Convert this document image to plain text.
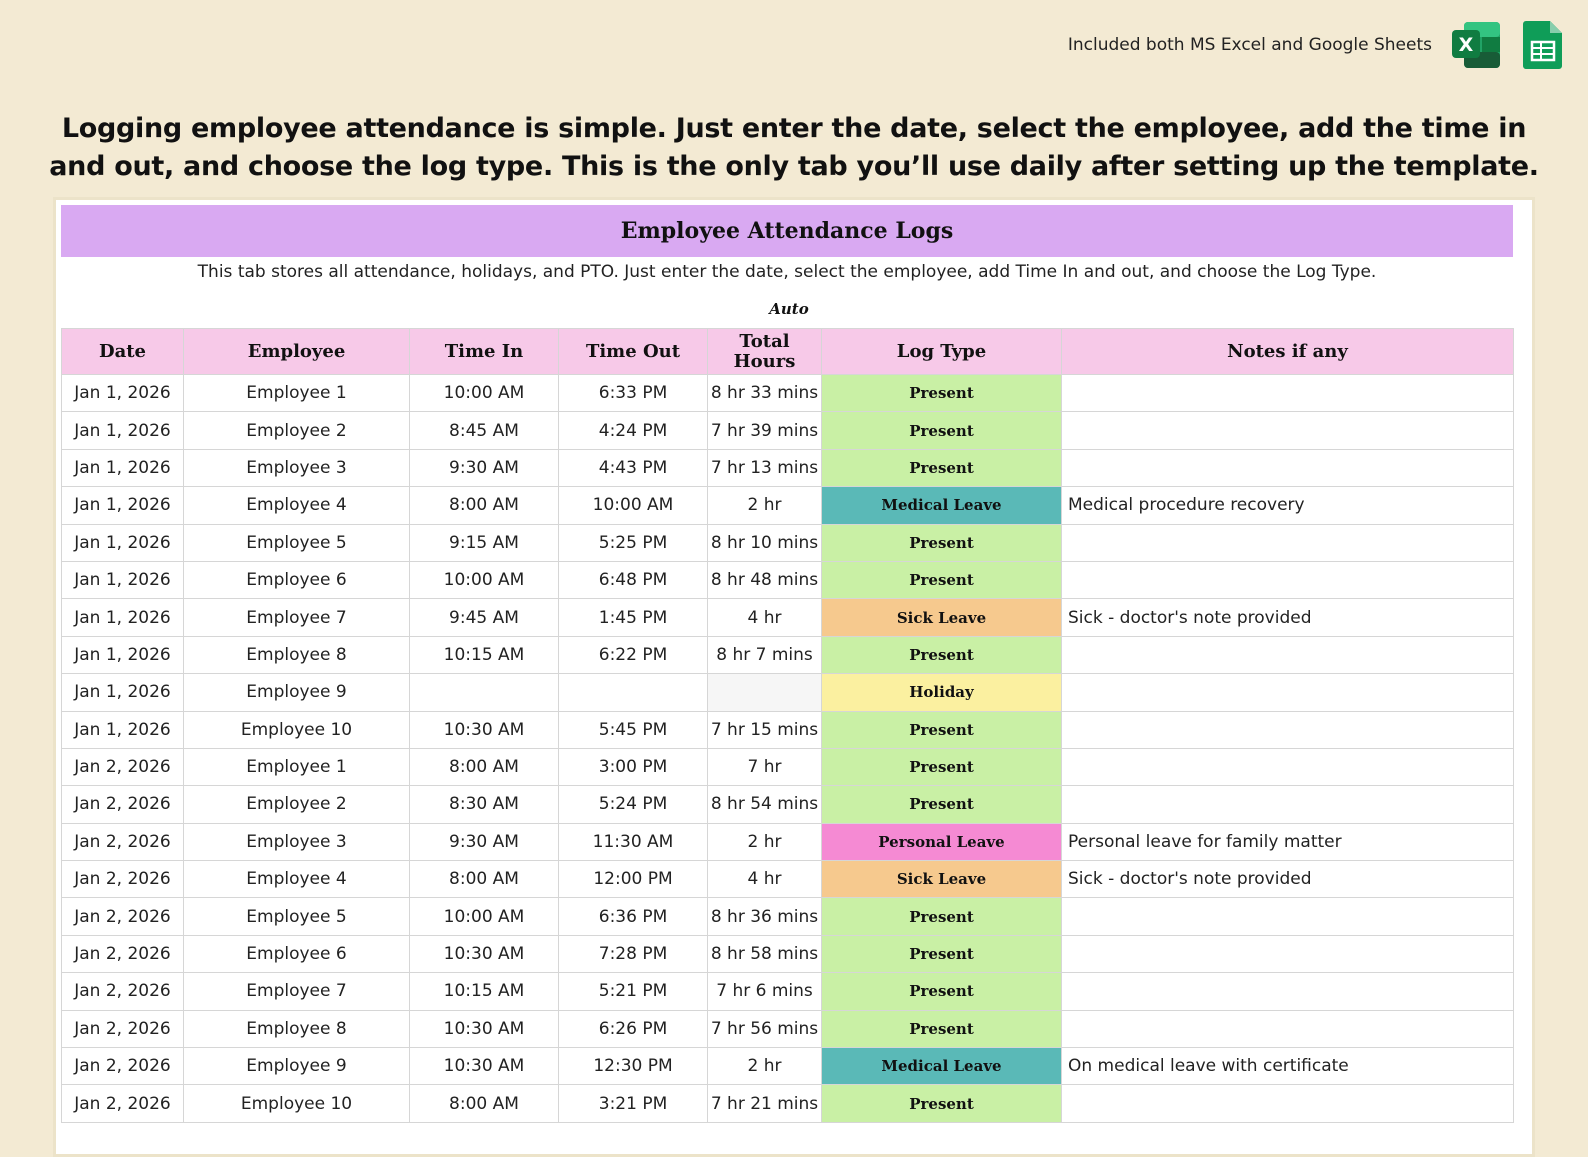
Included both MS Excel and Google Sheets X
Logging employee attendance is simple. Just enter the date, select the employee, add the time in and out, and choose the log type. This is the only tab you’ll use daily after setting up the template.
Employee Attendance Logs
This tab stores all attendance, holidays, and PTO. Just enter the date, select the employee, add Time In and out, and choose the Log Type.
Auto
Date	Employee	Time In	Time Out	Total Hours	Log Type	Notes if any
Jan 1, 2026	Employee 1	10:00 AM	6:33 PM	8 hr 33 mins	Present	
Jan 1, 2026	Employee 2	8:45 AM	4:24 PM	7 hr 39 mins	Present	
Jan 1, 2026	Employee 3	9:30 AM	4:43 PM	7 hr 13 mins	Present	
Jan 1, 2026	Employee 4	8:00 AM	10:00 AM	2 hr	Medical Leave	Medical procedure recovery
Jan 1, 2026	Employee 5	9:15 AM	5:25 PM	8 hr 10 mins	Present	
Jan 1, 2026	Employee 6	10:00 AM	6:48 PM	8 hr 48 mins	Present	
Jan 1, 2026	Employee 7	9:45 AM	1:45 PM	4 hr	Sick Leave	Sick - doctor's note provided
Jan 1, 2026	Employee 8	10:15 AM	6:22 PM	8 hr 7 mins	Present	
Jan 1, 2026	Employee 9				Holiday	
Jan 1, 2026	Employee 10	10:30 AM	5:45 PM	7 hr 15 mins	Present	
Jan 2, 2026	Employee 1	8:00 AM	3:00 PM	7 hr	Present	
Jan 2, 2026	Employee 2	8:30 AM	5:24 PM	8 hr 54 mins	Present	
Jan 2, 2026	Employee 3	9:30 AM	11:30 AM	2 hr	Personal Leave	Personal leave for family matter
Jan 2, 2026	Employee 4	8:00 AM	12:00 PM	4 hr	Sick Leave	Sick - doctor's note provided
Jan 2, 2026	Employee 5	10:00 AM	6:36 PM	8 hr 36 mins	Present	
Jan 2, 2026	Employee 6	10:30 AM	7:28 PM	8 hr 58 mins	Present	
Jan 2, 2026	Employee 7	10:15 AM	5:21 PM	7 hr 6 mins	Present	
Jan 2, 2026	Employee 8	10:30 AM	6:26 PM	7 hr 56 mins	Present	
Jan 2, 2026	Employee 9	10:30 AM	12:30 PM	2 hr	Medical Leave	On medical leave with certificate
Jan 2, 2026	Employee 10	8:00 AM	3:21 PM	7 hr 21 mins	Present	
